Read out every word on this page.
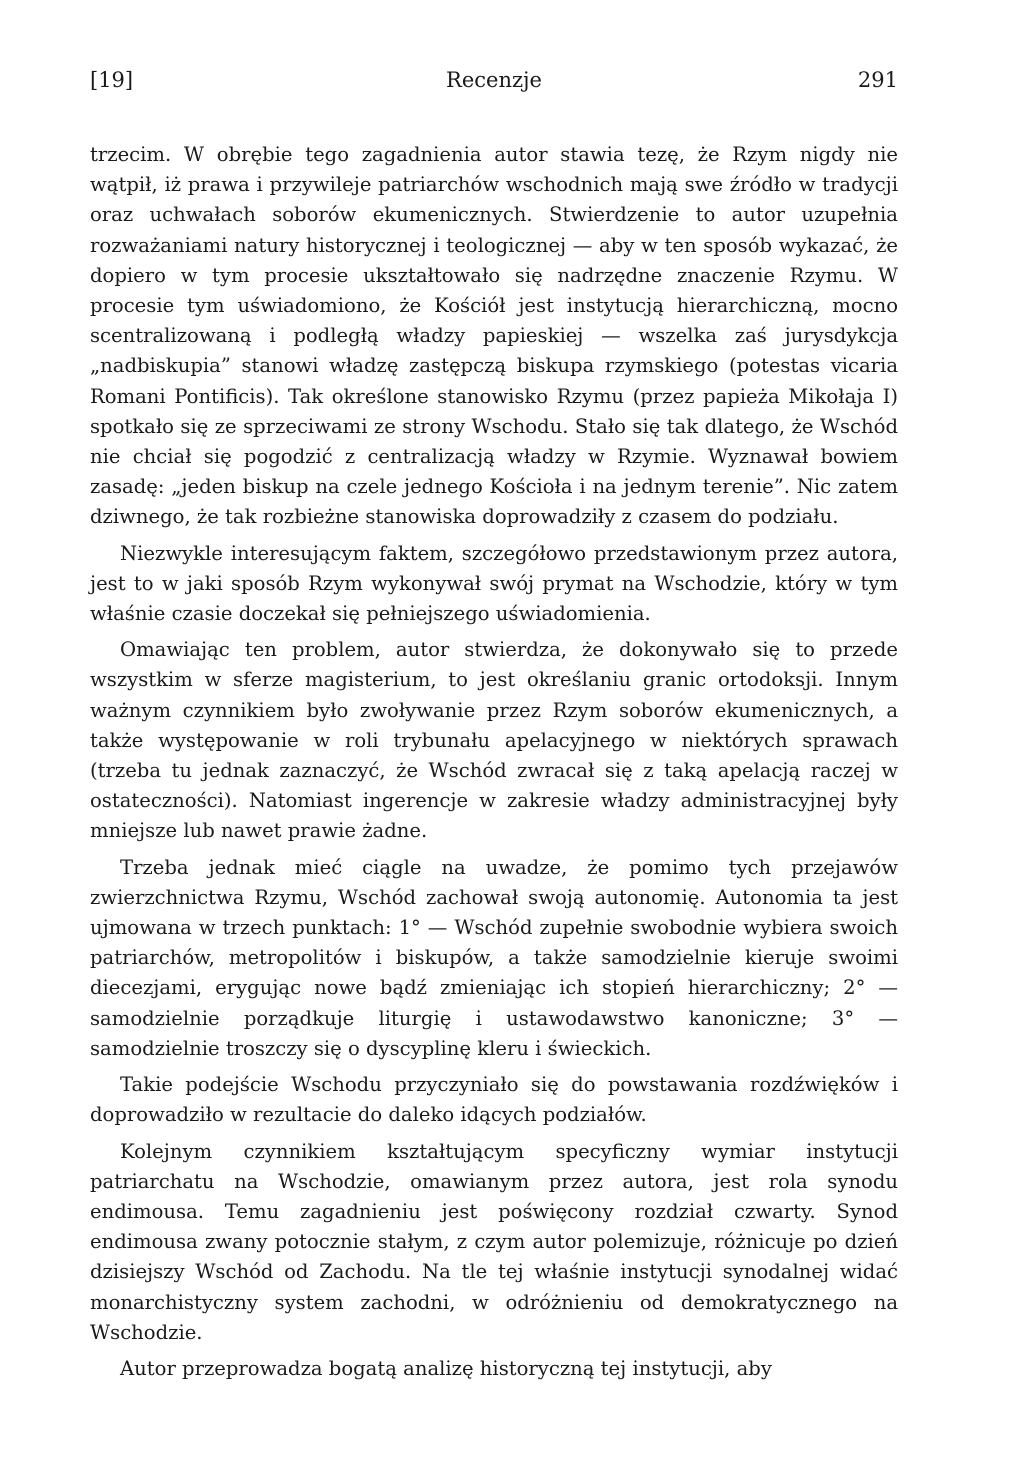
[19]	Recenzje	291

trzecim. W obrębie tego zagadnienia autor stawia tezę, że Rzym nigdy nie wątpił, iż prawa i przywileje patriarchów wschodnich mają swe źródło w tradycji oraz uchwałach soborów ekumenicznych. Stwierdzenie to autor uzupełnia rozważaniami natury historycznej i teologicznej — aby w ten sposób wykazać, że dopiero w tym procesie ukształtowało się nadrzędne znaczenie Rzymu. W procesie tym uświadomiono, że Kościół jest instytucją hierarchiczną, mocno scentralizowaną i podległą władzy papieskiej — wszelka zaś jurysdykcja „nadbiskupia” stanowi władzę zastępczą biskupa rzymskiego (potestas vicaria Romani Pontificis). Tak określone stanowisko Rzymu (przez papieża Mikołaja I) spotkało się ze sprzeciwami ze strony Wschodu. Stało się tak dlatego, że Wschód nie chciał się pogodzić z centralizacją władzy w Rzymie. Wyznawał bowiem zasadę: „jeden biskup na czele jednego Kościoła i na jednym terenie”. Nic zatem dziwnego, że tak rozbieżne stanowiska doprowadziły z czasem do podziału.

Niezwykle interesującym faktem, szczegółowo przedstawionym przez autora, jest to w jaki sposób Rzym wykonywał swój prymat na Wschodzie, który w tym właśnie czasie doczekał się pełniejszego uświadomienia.

Omawiając ten problem, autor stwierdza, że dokonywało się to przede wszystkim w sferze magisterium, to jest określaniu granic ortodoksji. Innym ważnym czynnikiem było zwoływanie przez Rzym soborów ekumenicznych, a także występowanie w roli trybunału apelacyjnego w niektórych sprawach (trzeba tu jednak zaznaczyć, że Wschód zwracał się z taką apelacją raczej w ostateczności). Natomiast ingerencje w zakresie władzy administracyjnej były mniejsze lub nawet prawie żadne.

Trzeba jednak mieć ciągle na uwadze, że pomimo tych przejawów zwierzchnictwa Rzymu, Wschód zachował swoją autonomię. Autonomia ta jest ujmowana w trzech punktach: 1° — Wschód zupełnie swobodnie wybiera swoich patriarchów, metropolitów i biskupów, a także samodzielnie kieruje swoimi diecezjami, erygując nowe bądź zmieniając ich stopień hierarchiczny; 2° — samodzielnie porządkuje liturgię i ustawodawstwo kanoniczne; 3° — samodzielnie troszczy się o dyscyplinę kleru i świeckich.

Takie podejście Wschodu przyczyniało się do powstawania rozdźwięków i doprowadziło w rezultacie do daleko idących podziałów.

Kolejnym czynnikiem kształtującym specyficzny wymiar instytucji patriarchatu na Wschodzie, omawianym przez autora, jest rola synodu endimousa. Temu zagadnieniu jest poświęcony rozdział czwarty. Synod endimousa zwany potocznie stałym, z czym autor polemizuje, różnicuje po dzień dzisiejszy Wschód od Zachodu. Na tle tej właśnie instytucji synodalnej widać monarchistyczny system zachodni, w odróżnieniu od demokratycznego na Wschodzie.

Autor przeprowadza bogatą analizę historyczną tej instytucji, aby
